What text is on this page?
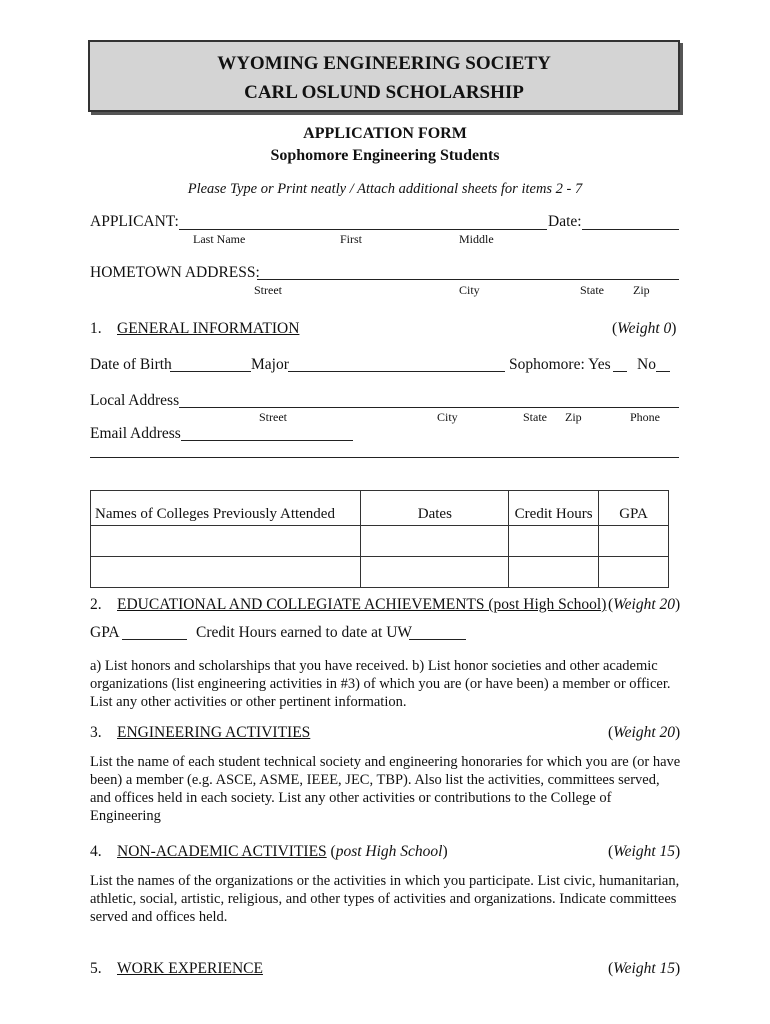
WYOMING ENGINEERING SOCIETY
CARL OSLUND SCHOLARSHIP
APPLICATION FORM
Sophomore Engineering Students
Please Type or Print neatly / Attach additional sheets for items 2 - 7
APPLICANT:	Date:
Last Name	First	Middle
HOMETOWN ADDRESS:
Street	City	State Zip
1. GENERAL INFORMATION	(Weight 0)
Date of Birth	Major	Sophomore: Yes No
Local Address
Street	City	State Zip	Phone
Email Address
Names of Colleges Previously Attended	Dates	Credit Hours	GPA

2. EDUCATIONAL AND COLLEGIATE ACHIEVEMENTS (post High School) (Weight 20)
GPA	Credit Hours earned to date at UW
a) List honors and scholarships that you have received. b) List honor societies and other academic organizations (list engineering activities in #3) of which you are (or have been) a member or officer. List any other activities or other pertinent information.
3. ENGINEERING ACTIVITIES	(Weight 20)
List the name of each student technical society and engineering honoraries for which you are (or have been) a member (e.g. ASCE, ASME, IEEE, JEC, TBP). Also list the activities, committees served, and offices held in each society. List any other activities or contributions to the College of Engineering
4. NON-ACADEMIC ACTIVITIES (post High School)	(Weight 15)
List the names of the organizations or the activities in which you participate. List civic, humanitarian, athletic, social, artistic, religious, and other types of activities and organizations. Indicate committees served and offices held.
5. WORK EXPERIENCE	(Weight 15)
